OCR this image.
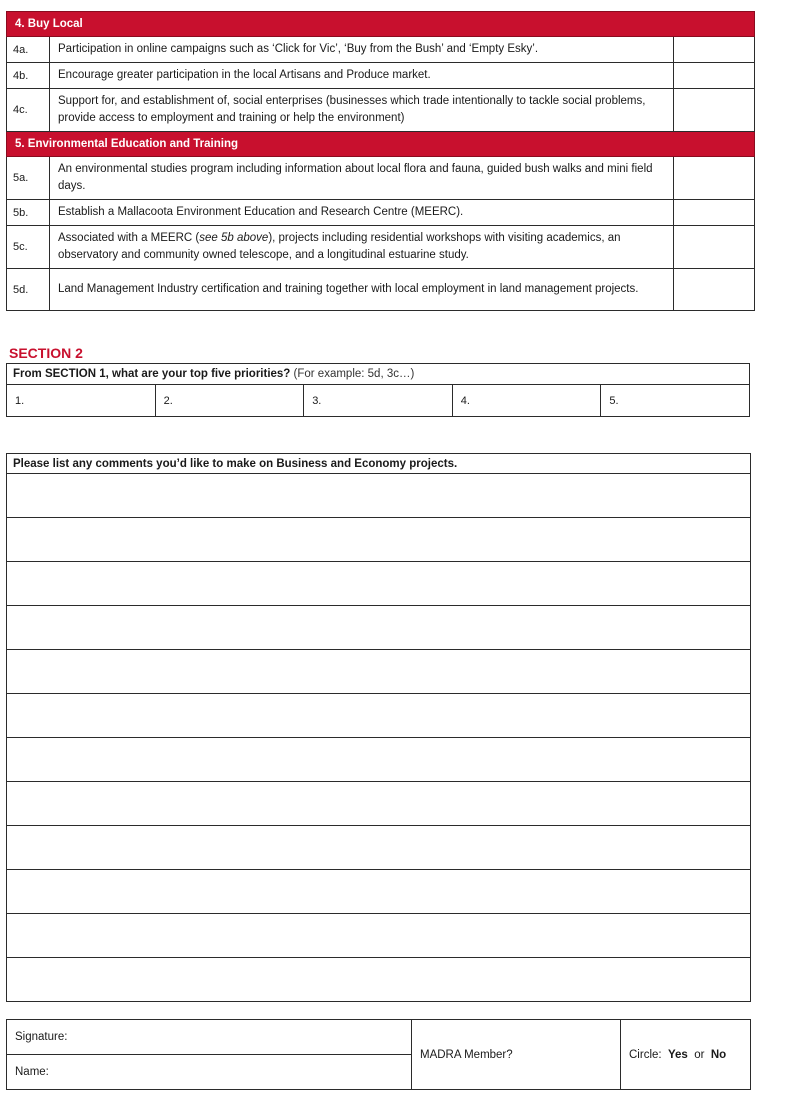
4. Buy Local		
4a.	Participation in online campaigns such as ‘Click for Vic’, ‘Buy from the Bush’ and ‘Empty Esky’.	
4b.	Encourage greater participation in the local Artisans and Produce market.	
4c.	Support for, and establishment of, social enterprises (businesses which trade intentionally to tackle social problems, provide access to employment and training or help the environment)	
5. Environmental Education and Training		
5a.	An environmental studies program including information about local flora and fauna, guided bush walks and mini field days.	
5b.	Establish a Mallacoota Environment Education and Research Centre (MEERC).	
5c.	Associated with a MEERC (see 5b above), projects including residential workshops with visiting academics, an observatory and community owned telescope, and a longitudinal estuarine study.	
5d.	Land Management Industry certification and training together with local employment in land management projects.	
SECTION 2
From SECTION 1, what are your top five priorities? (For example: 5d, 3c…)
1.	2.	3.	4.	5.
Please list any comments you’d like to make on Business and Economy projects.

Signature:	MADRA Member?	Circle: Yes or No
Name:
